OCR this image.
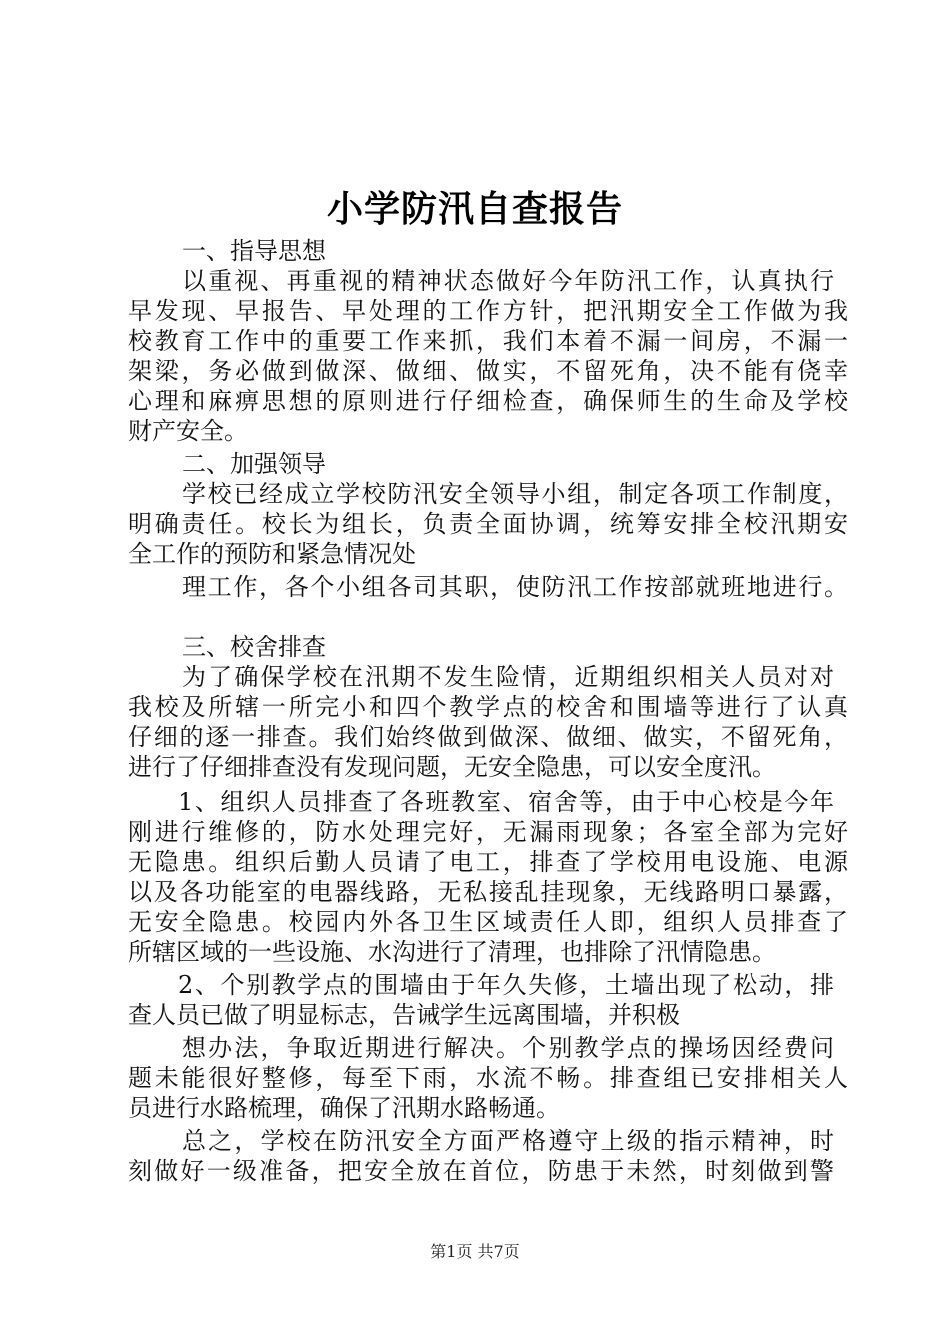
小学防汛自查报告
一、指导思想
以重视、再重视的精神状态做好今年防汛工作，认真执行
早发现、早报告、早处理的工作方针，把汛期安全工作做为我
校教育工作中的重要工作来抓，我们本着不漏一间房，不漏一
架梁，务必做到做深、做细、做实，不留死角，决不能有侥幸
心理和麻痹思想的原则进行仔细检查，确保师生的生命及学校
财产安全。
二、加强领导
学校已经成立学校防汛安全领导小组，制定各项工作制度，
明确责任。校长为组长，负责全面协调，统筹安排全校汛期安
全工作的预防和紧急情况处
理工作，各个小组各司其职，使防汛工作按部就班地进行。
三、校舍排查
为了确保学校在汛期不发生险情，近期组织相关人员对对
我校及所辖一所完小和四个教学点的校舍和围墙等进行了认真
仔细的逐一排查。我们始终做到做深、做细、做实，不留死角，
进行了仔细排查没有发现问题，无安全隐患，可以安全度汛。
1、组织人员排查了各班教室、宿舍等，由于中心校是今年
刚进行维修的，防水处理完好，无漏雨现象；各室全部为完好
无隐患。组织后勤人员请了电工，排查了学校用电设施、电源
以及各功能室的电器线路，无私接乱挂现象，无线路明口暴露，
无安全隐患。校园内外各卫生区域责任人即，组织人员排查了
所辖区域的一些设施、水沟进行了清理，也排除了汛情隐患。
2、个别教学点的围墙由于年久失修，土墙出现了松动，排
查人员已做了明显标志，告诫学生远离围墙，并积极
想办法，争取近期进行解决。个别教学点的操场因经费问
题未能很好整修，每至下雨，水流不畅。排查组已安排相关人
员进行水路梳理，确保了汛期水路畅通。
总之，学校在防汛安全方面严格遵守上级的指示精神，时
刻做好一级准备，把安全放在首位，防患于未然，时刻做到警
第1页 共7页
